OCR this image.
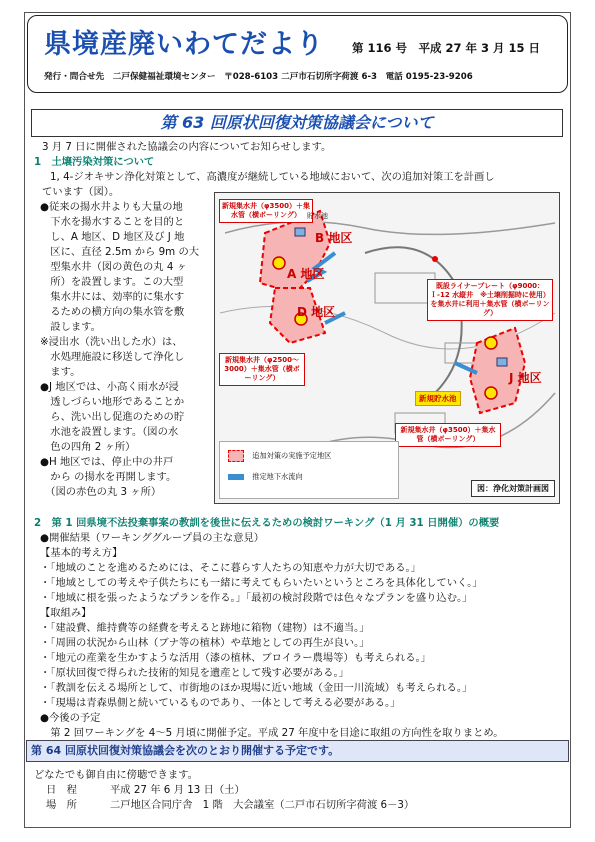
県境産廃いわてだより 第 116 号　平成 27 年 3 月 15 日
発行・問合せ先　二戸保健福祉環境センター　〒028-6103 二戸市石切所字荷渡 6-3　電話 0195-23-9206
第 63 回原状回復対策協議会について
3 月 7 日に開催された協議会の内容についてお知らせします。
1　土壌汚染対策について
1, 4-ジオキサン浄化対策として、高濃度が継続している地域において、次の追加対策工を計画し
ています（図）。
●従来の揚水井よりも大量の地
　下水を揚水することを目的と
　し、A 地区、D 地区及び J 地
　区に、直径 2.5m から 9m の大
　型集水井（図の黄色の丸 4 ヶ
　所）を設置します。この大型
　集水井には、効率的に集水す
　るための横方向の集水管を敷
　設します。
※浸出水（洗い出した水）は、
　水処理施設に移送して浄化し
　ます。
●J 地区では、小高く雨水が浸
　透しづらい地形であることか
　ら、洗い出し促進のための貯
　水池を設置します。（図の水
　色の四角 2 ヶ所）
●H 地区では、停止中の井戸
　から の揚水を再開します。
　（図の赤色の丸 3 ヶ所）
新規集水井（φ3500）＋集水管（横ボーリング）
新規集水井（φ2500～3000）＋集水管（横ボーリング）
既設ライナープレート（φ9000：Ｉ-12 水縦井　※土壌削掘時に使用）を集水井に利用＋集水管（横ボーリング）
新規集水井（φ3500）＋集水管（横ボーリング）
新規貯水池
A 地区
B 地区
D 地区
J 地区
貯水池
追加対策の実施予定地区
推定地下水流向
図：浄化対策計画図
2　第 1 回県境不法投棄事案の教訓を後世に伝えるための検討ワーキング（1 月 31 日開催）の概要
●開催結果（ワーキンググループ員の主な意見）
【基本的考え方】
・「地域のことを進めるためには、そこに暮らす人たちの知恵や力が大切である。」
・「地域としての考えや子供たちにも一緒に考えてもらいたいというところを具体化していく。」
・「地域に根を張ったようなプランを作る。」「最初の検討段階では色々なプランを盛り込む。」
【取組み】
・「建設費、維持費等の経費を考えると跡地に箱物（建物）は不適当。」
・「周囲の状況から山林（ブナ等の植林）や草地としての再生が良い。」
・「地元の産業を生かすような活用（漆の植林、ブロイラー農場等）も考えられる。」
・「原状回復で得られた技術的知見を遺産として残す必要がある。」
・「教訓を伝える場所として、市街地のほか現場に近い地域（金田一川流域）も考えられる。」
・「現場は青森県側と続いているものであり、一体として考える必要がある。」
●今後の予定
　第 2 回ワーキングを 4～5 月頃に開催予定。平成 27 年度中を目途に取組の方向性を取りまとめ。
第 64 回原状回復対策協議会を次のとおり開催する予定です。
どなたでも御自由に傍聴できます。
日　程	平成 27 年 6 月 13 日（土）
場　所	二戸地区合同庁舎　1 階　大会議室（二戸市石切所字荷渡 6－3）
